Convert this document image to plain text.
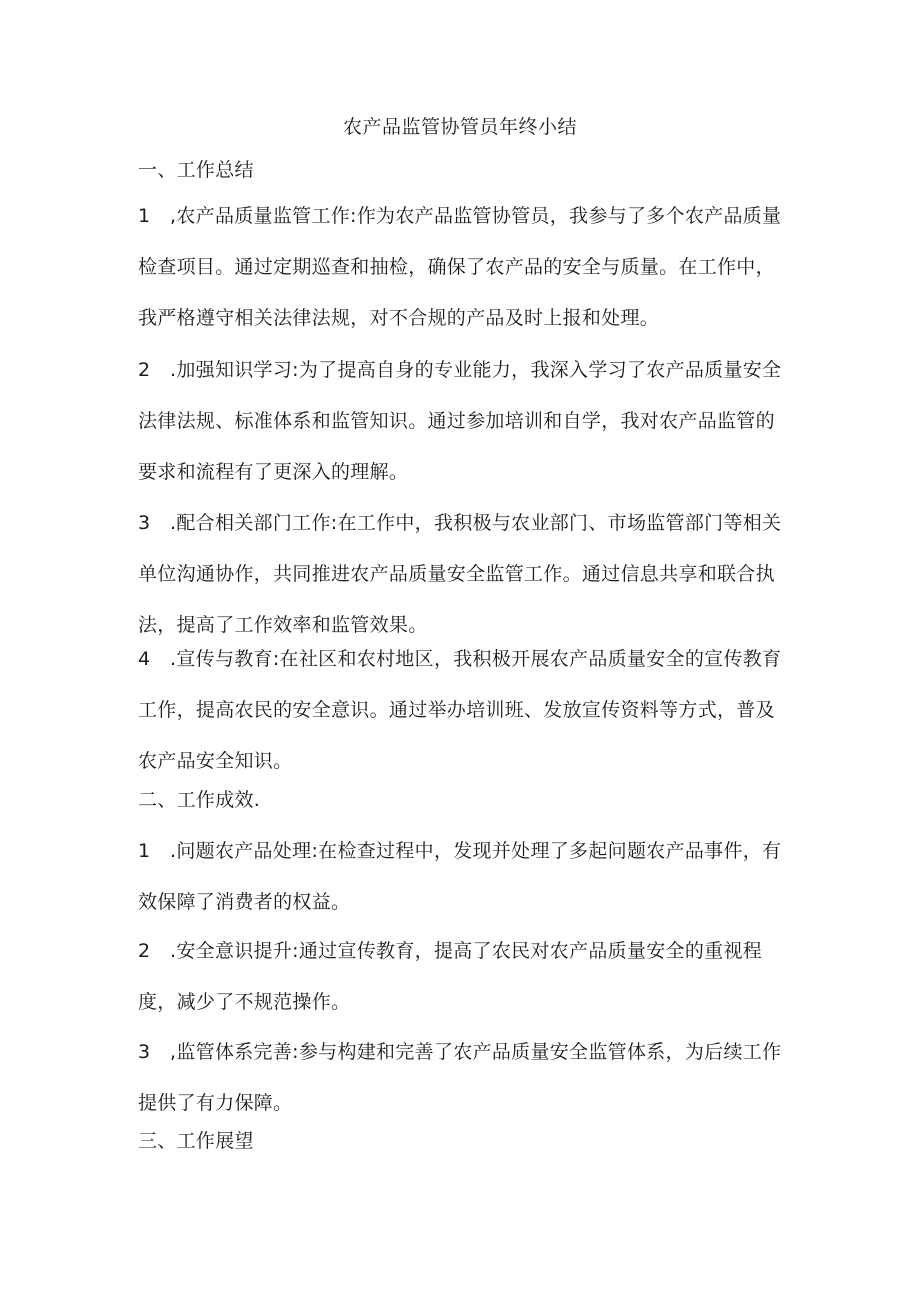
农产品监管协管员年终小结
一、工作总结

1 ,农产品质量监管工作:作为农产品监管协管员，我参与了多个农产品质量检查项目。通过定期巡查和抽检，确保了农产品的安全与质量。在工作中，我严格遵守相关法律法规，对不合规的产品及时上报和处理。

2 .加强知识学习:为了提高自身的专业能力，我深入学习了农产品质量安全法律法规、标准体系和监管知识。通过参加培训和自学，我对农产品监管的要求和流程有了更深入的理解。

3 .配合相关部门工作:在工作中，我积极与农业部门、市场监管部门等相关单位沟通协作，共同推进农产品质量安全监管工作。通过信息共享和联合执法，提高了工作效率和监管效果。

4 .宣传与教育:在社区和农村地区，我积极开展农产品质量安全的宣传教育工作，提高农民的安全意识。通过举办培训班、发放宣传资料等方式，普及农产品安全知识。

二、工作成效.

1 .问题农产品处理:在检查过程中，发现并处理了多起问题农产品事件，有效保障了消费者的权益。

2 .安全意识提升:通过宣传教育，提高了农民对农产品质量安全的重视程度，减少了不规范操作。

3 ,监管体系完善:参与构建和完善了农产品质量安全监管体系，为后续工作提供了有力保障。

三、工作展望
